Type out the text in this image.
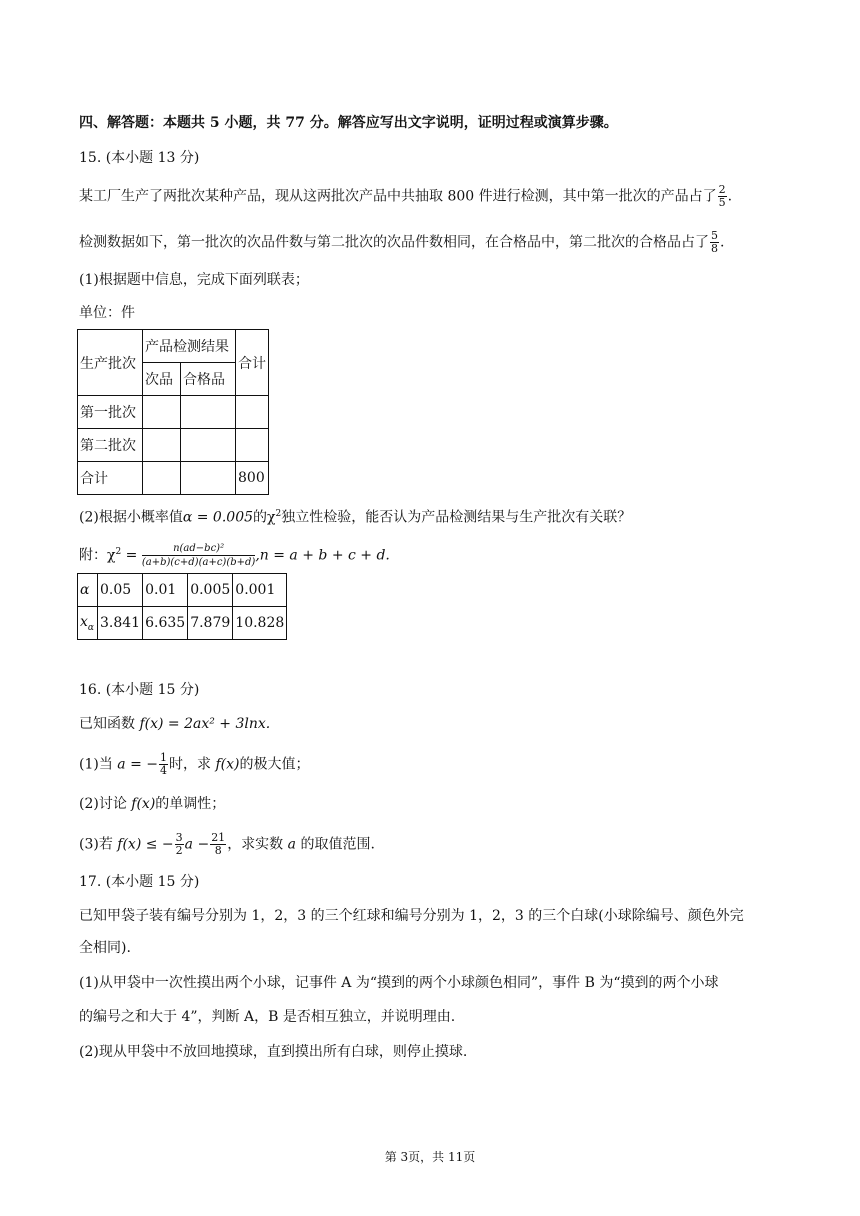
四、解答题：本题共 5 小题，共 77 分。解答应写出文字说明，证明过程或演算步骤。
15. (本小题 13 分)
某工厂生产了两批次某种产品，现从这两批次产品中共抽取 800 件进行检测，其中第一批次的产品占了 $\frac{2}{5}$ .
检测数据如下，第一批次的次品件数与第二批次的次品件数相同，在合格品中，第二批次的合格品占了 $\frac{5}{8}$ .
(1)根据题中信息，完成下面列联表；
单位：件
生产批次	产品检测结果		合计
	次品	合格品	
第一批次			
第二批次			
合计			800
(2)根据小概率值α = 0.005的$\chi^2$独立性检验，能否认为产品检测结果与生产批次有关联？
附：$\chi^2 = \frac{\text{n(ad−bc)²}}{(a+b)(c+d)(a+c)(b+d)} ,n = a + b + c + d$.
α	0.05	0.01	0.005	0.001
$x_\alpha$	3.841	6.635	7.879	10.828
16. (本小题 15 分)
已知函数 f(x) = 2ax² + 3lnx.
(1)当 a = − $\frac{1}{4}$ 时，求 f(x)的极大值；
(2)讨论 f(x)的单调性；
(3)若 f(x) ≤ − $\frac{3}{2}$ $a - \frac{21}{8}$ ，求实数 a 的取值范围.
17. (本小题 15 分)
已知甲袋子装有编号分别为 1，2，3 的三个红球和编号分别为 1，2，3 的三个白球(小球除编号、颜色外完
全相同).
(1)从甲袋中一次性摸出两个小球，记事件 A 为“摸到的两个小球颜色相同”，事件 B 为“摸到的两个小球
的编号之和大于 4”，判断 A，B 是否相互独立，并说明理由.
(2)现从甲袋中不放回地摸球，直到摸出所有白球，则停止摸球.
第 3页，共 11页
